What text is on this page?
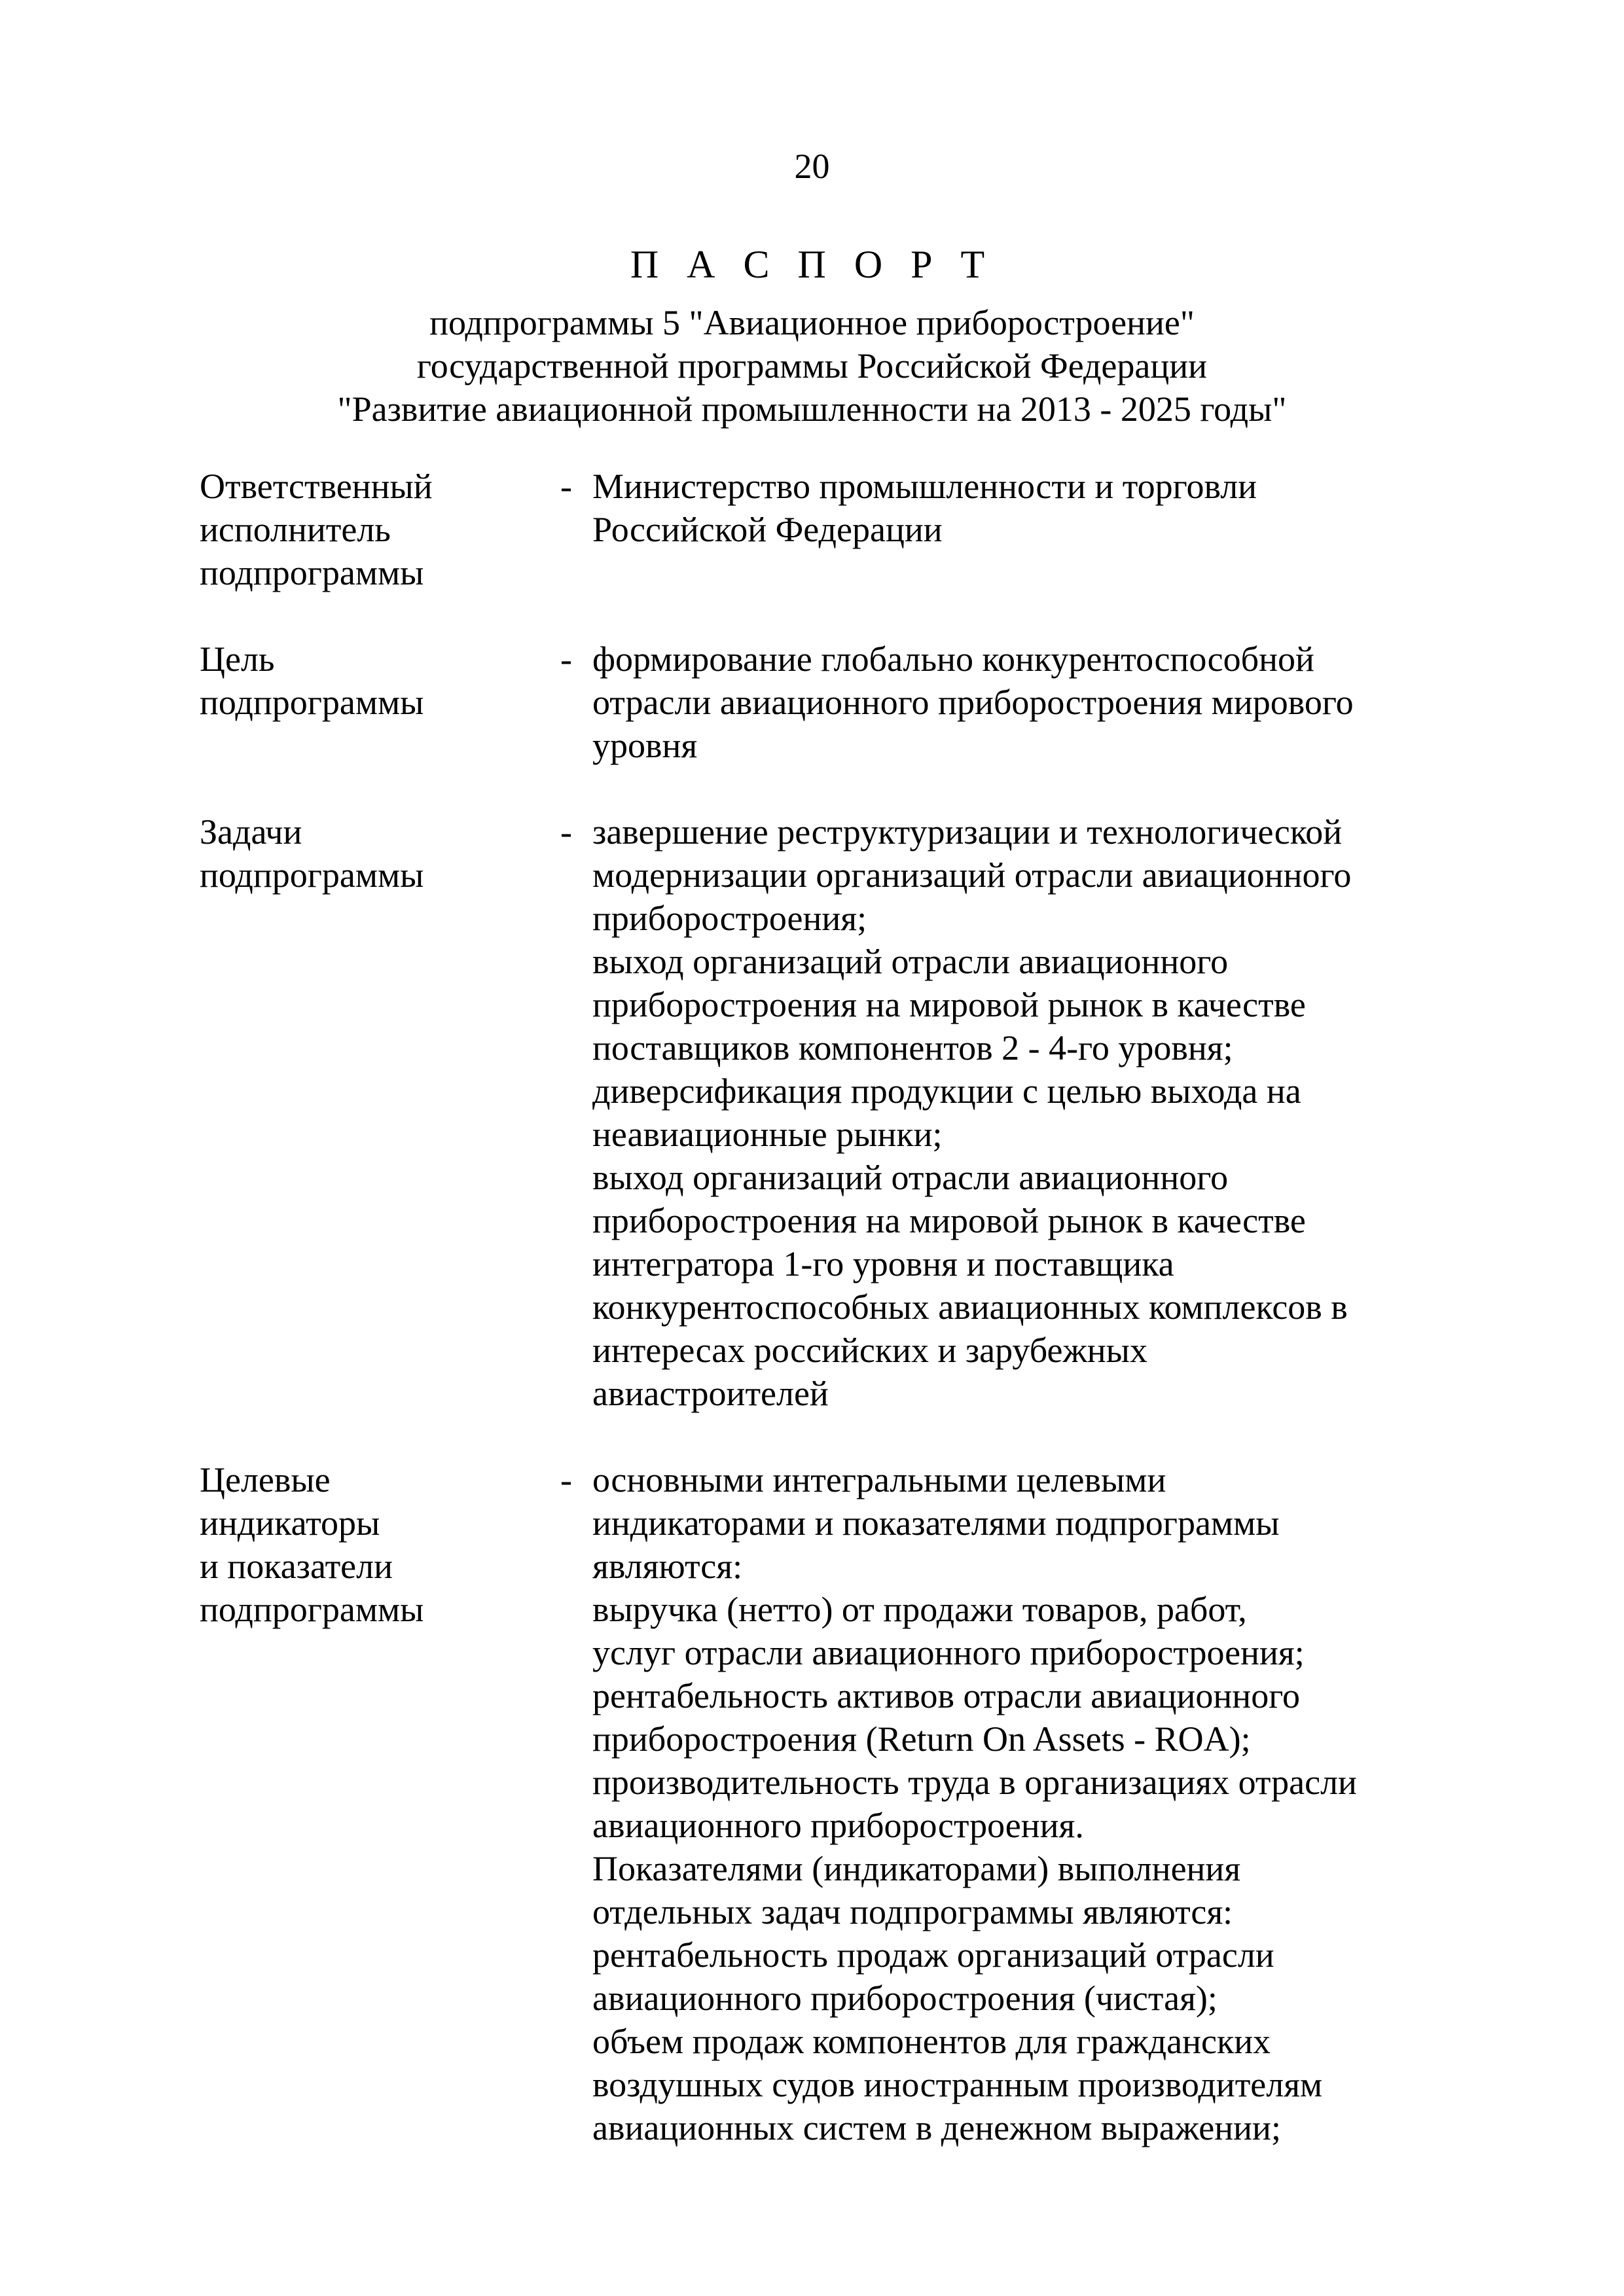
20
П А С П О Р Т
подпрограммы 5 "Авиационное приборостроение"
государственной программы Российской Федерации
"Развитие авиационной промышленности на 2013 - 2025 годы"
Ответственный
исполнитель
подпрограммы
- Министерство промышленности и торговли
Российской Федерации
Цель
подпрограммы
- формирование глобально конкурентоспособной
отрасли авиационного приборостроения мирового
уровня
Задачи
подпрограммы
- завершение реструктуризации и технологической
модернизации организаций отрасли авиационного
приборостроения;
выход организаций отрасли авиационного
приборостроения на мировой рынок в качестве
поставщиков компонентов 2 - 4-го уровня;
диверсификация продукции с целью выхода на
неавиационные рынки;
выход организаций отрасли авиационного
приборостроения на мировой рынок в качестве
интегратора 1-го уровня и поставщика
конкурентоспособных авиационных комплексов в
интересах российских и зарубежных
авиастроителей
Целевые
индикаторы
и показатели
подпрограммы
- основными интегральными целевыми
индикаторами и показателями подпрограммы
являются:
выручка (нетто) от продажи товаров, работ,
услуг отрасли авиационного приборостроения;
рентабельность активов отрасли авиационного
приборостроения (Return On Assets - ROA);
производительность труда в организациях отрасли
авиационного приборостроения.
Показателями (индикаторами) выполнения
отдельных задач подпрограммы являются:
рентабельность продаж организаций отрасли
авиационного приборостроения (чистая);
объем продаж компонентов для гражданских
воздушных судов иностранным производителям
авиационных систем в денежном выражении;
